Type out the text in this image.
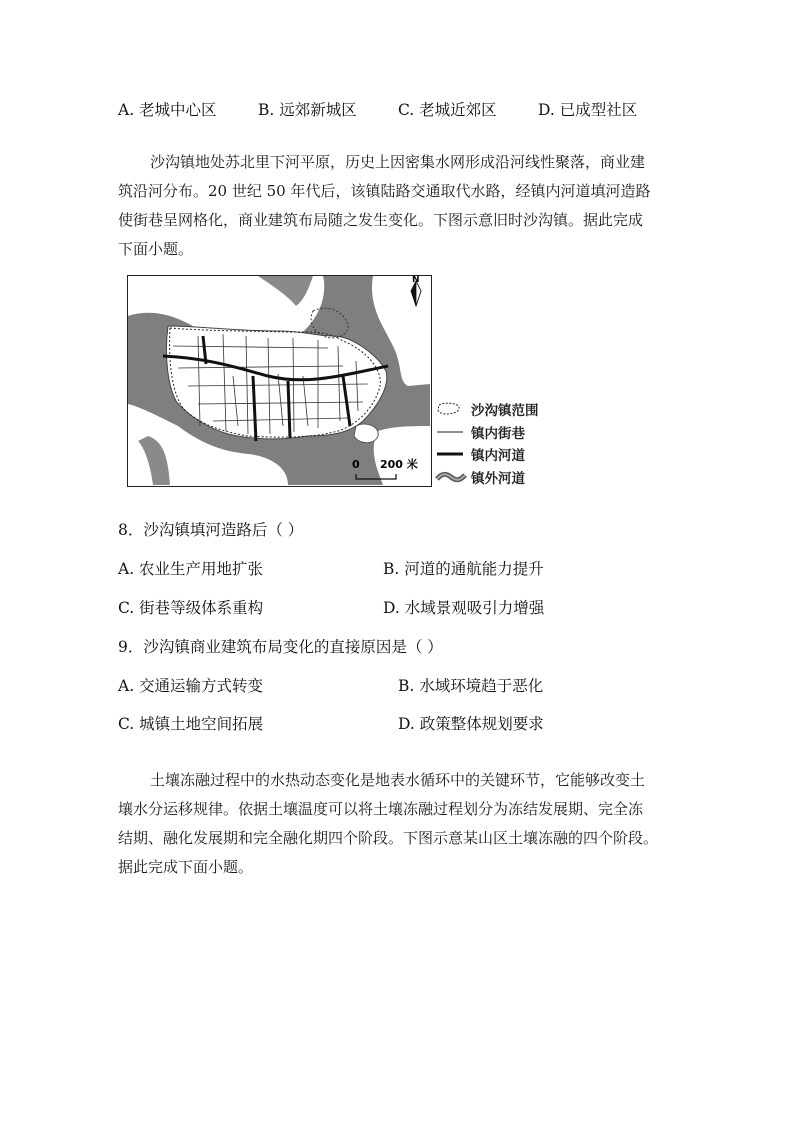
A. 老城中心区	B. 远郊新城区	C. 老城近郊区	D. 已成型社区

沙沟镇地处苏北里下河平原，历史上因密集水网形成沿河线性聚落，商业建

筑沿河分布。20 世纪 50 年代后，该镇陆路交通取代水路，经镇内河道填河造路

使街巷呈网格化，商业建筑布局随之发生变化。下图示意旧时沙沟镇。据此完成

下面小题。

N
0 200 米
沙沟镇范围
镇内街巷
镇内河道
镇外河道
8．沙沟镇填河造路后（ ）
A. 农业生产用地扩张	B. 河道的通航能力提升
C. 街巷等级体系重构	D. 水域景观吸引力增强
9．沙沟镇商业建筑布局变化的直接原因是（ ）
A. 交通运输方式转变	B. 水域环境趋于恶化
C. 城镇土地空间拓展	D. 政策整体规划要求

土壤冻融过程中的水热动态变化是地表水循环中的关键环节，它能够改变土

壤水分运移规律。依据土壤温度可以将土壤冻融过程划分为冻结发展期、完全冻

结期、融化发展期和完全融化期四个阶段。下图示意某山区土壤冻融的四个阶段。

据此完成下面小题。
